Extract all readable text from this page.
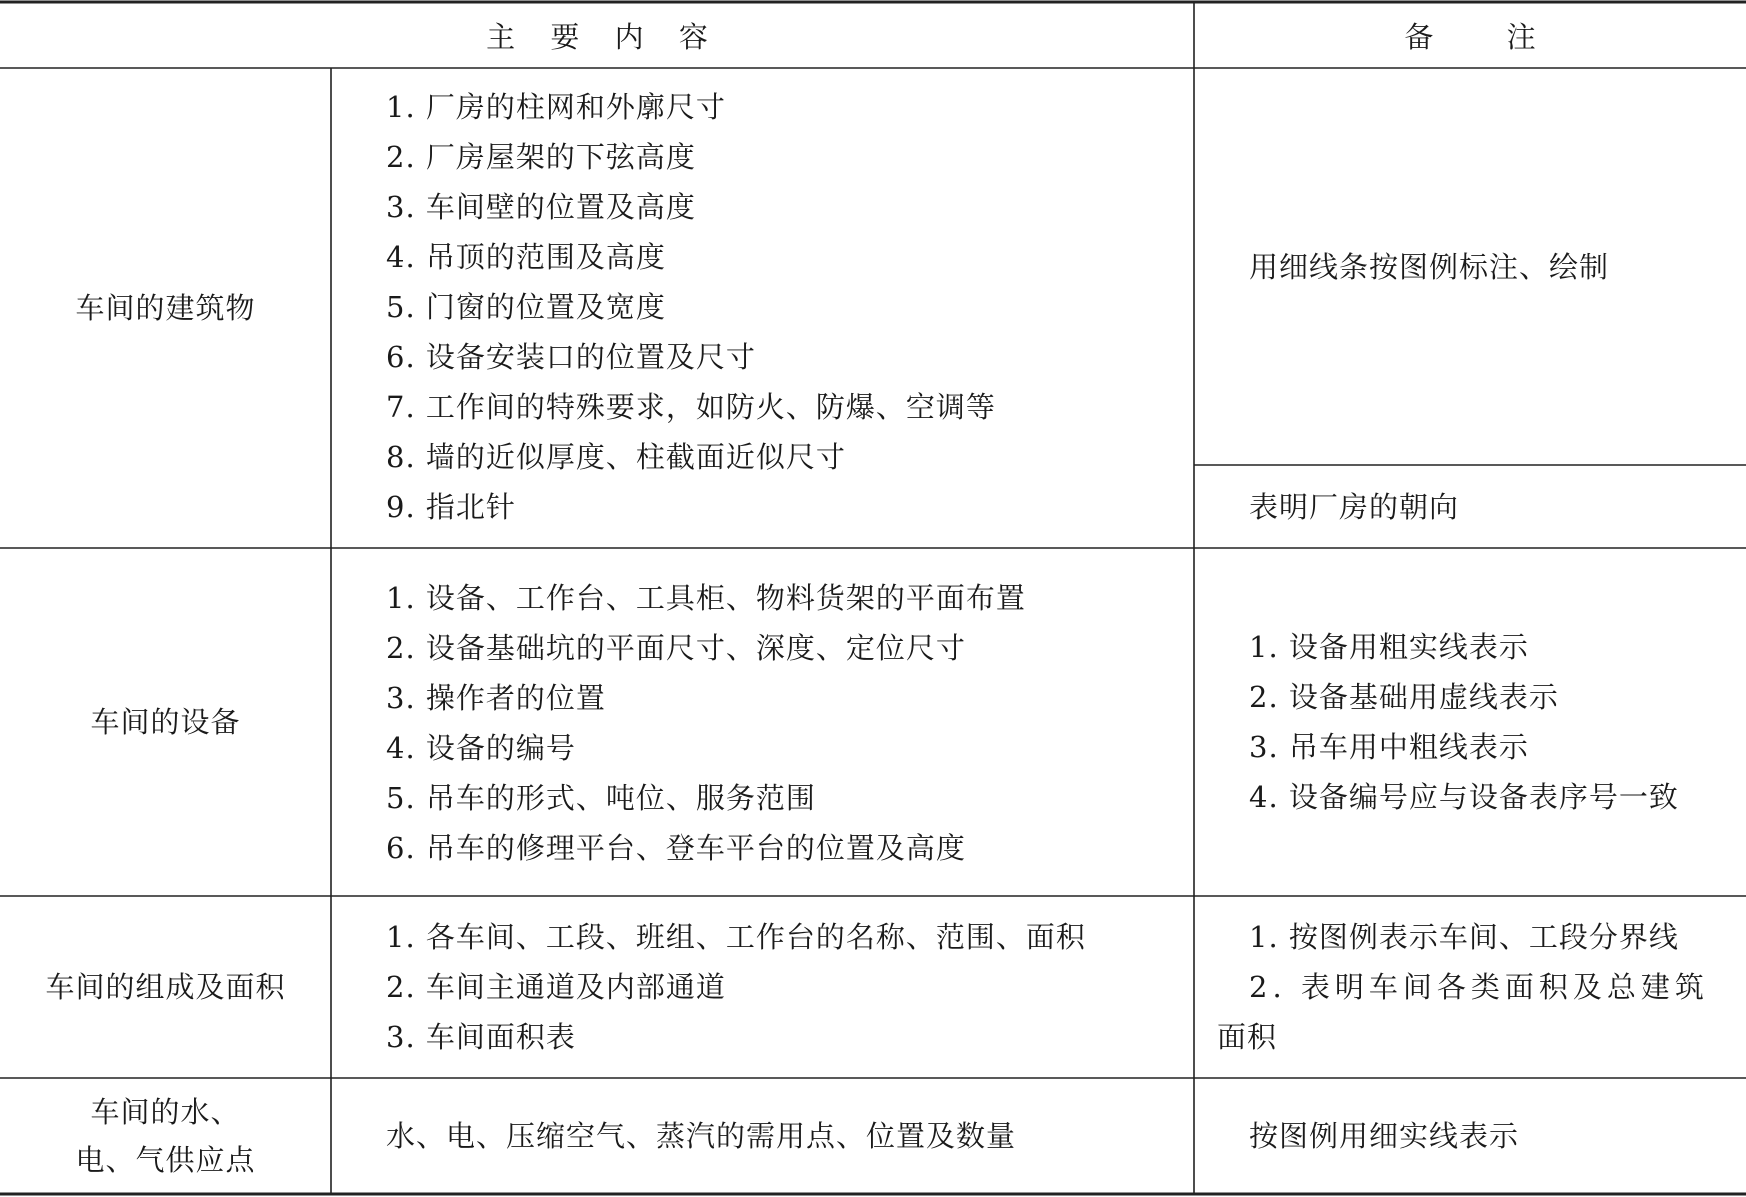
主 要 内 容	备 注
车间的建筑物
1. 厂房的柱网和外廓尺寸
2. 厂房屋架的下弦高度
3. 车间壁的位置及高度
4. 吊顶的范围及高度
5. 门窗的位置及宽度
6. 设备安装口的位置及尺寸
7. 工作间的特殊要求，如防火、防爆、空调等
8. 墙的近似厚度、柱截面近似尺寸
9. 指北针
用细线条按图例标注、绘制
表明厂房的朝向
车间的设备
1. 设备、工作台、工具柜、物料货架的平面布置
2. 设备基础坑的平面尺寸、深度、定位尺寸
3. 操作者的位置
4. 设备的编号
5. 吊车的形式、吨位、服务范围
6. 吊车的修理平台、登车平台的位置及高度
1. 设备用粗实线表示
2. 设备基础用虚线表示
3. 吊车用中粗线表示
4. 设备编号应与设备表序号一致
车间的组成及面积
1. 各车间、工段、班组、工作台的名称、范围、面积
2. 车间主通道及内部通道
3. 车间面积表
1. 按图例表示车间、工段分界线
2. 表明车间各类面积及总建筑
面积
车间的水、
电、气供应点
水、电、压缩空气、蒸汽的需用点、位置及数量	按图例用细实线表示
